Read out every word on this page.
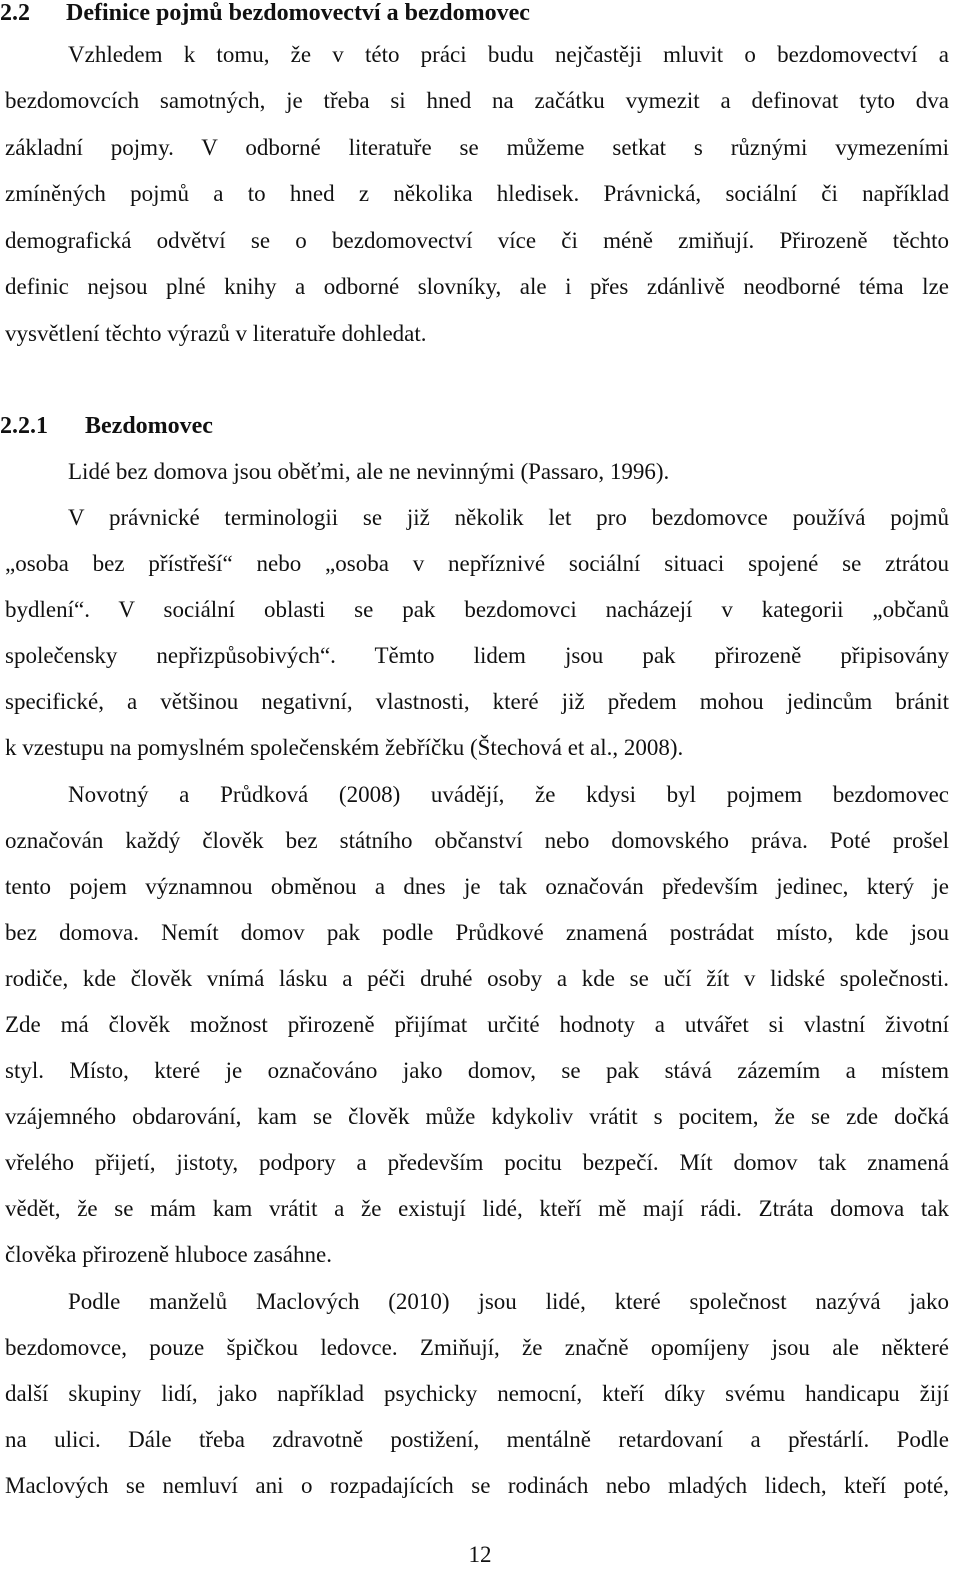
2.2 Definice pojmů bezdomovectví a bezdomovec
Vzhledem k tomu, že v této práci budu nejčastěji mluvit o bezdomovectví a
bezdomovcích samotných, je třeba si hned na začátku vymezit a definovat tyto dva
základní pojmy. V odborné literatuře se můžeme setkat s různými vymezeními
zmíněných pojmů a to hned z několika hledisek. Právnická, sociální či například
demografická odvětví se o bezdomovectví více či méně zmiňují. Přirozeně těchto
definic nejsou plné knihy a odborné slovníky, ale i přes zdánlivě neodborné téma lze
vysvětlení těchto výrazů v literatuře dohledat.
2.2.1 Bezdomovec
Lidé bez domova jsou oběťmi, ale ne nevinnými (Passaro, 1996).
V právnické terminologii se již několik let pro bezdomovce používá pojmů
„osoba bez přístřeší“ nebo „osoba v nepříznivé sociální situaci spojené se ztrátou
bydlení“. V sociální oblasti se pak bezdomovci nacházejí v kategorii „občanů
společensky nepřizpůsobivých“. Těmto lidem jsou pak přirozeně připisovány
specifické, a většinou negativní, vlastnosti, které již předem mohou jedincům bránit
k vzestupu na pomyslném společenském žebříčku (Štechová et al., 2008).
Novotný a Průdková (2008) uvádějí, že kdysi byl pojmem bezdomovec
označován každý člověk bez státního občanství nebo domovského práva. Poté prošel
tento pojem významnou obměnou a dnes je tak označován především jedinec, který je
bez domova. Nemít domov pak podle Průdkové znamená postrádat místo, kde jsou
rodiče, kde člověk vnímá lásku a péči druhé osoby a kde se učí žít v lidské společnosti.
Zde má člověk možnost přirozeně přijímat určité hodnoty a utvářet si vlastní životní
styl. Místo, které je označováno jako domov, se pak stává zázemím a místem
vzájemného obdarování, kam se člověk může kdykoliv vrátit s pocitem, že se zde dočká
vřelého přijetí, jistoty, podpory a především pocitu bezpečí. Mít domov tak znamená
vědět, že se mám kam vrátit a že existují lidé, kteří mě mají rádi. Ztráta domova tak
člověka přirozeně hluboce zasáhne.
Podle manželů Maclových (2010) jsou lidé, které společnost nazývá jako
bezdomovce, pouze špičkou ledovce. Zmiňují, že značně opomíjeny jsou ale některé
další skupiny lidí, jako například psychicky nemocní, kteří díky svému handicapu žijí
na ulici. Dále třeba zdravotně postižení, mentálně retardovaní a přestárlí. Podle
Maclových se nemluví ani o rozpadajících se rodinách nebo mladých lidech, kteří poté,
12
